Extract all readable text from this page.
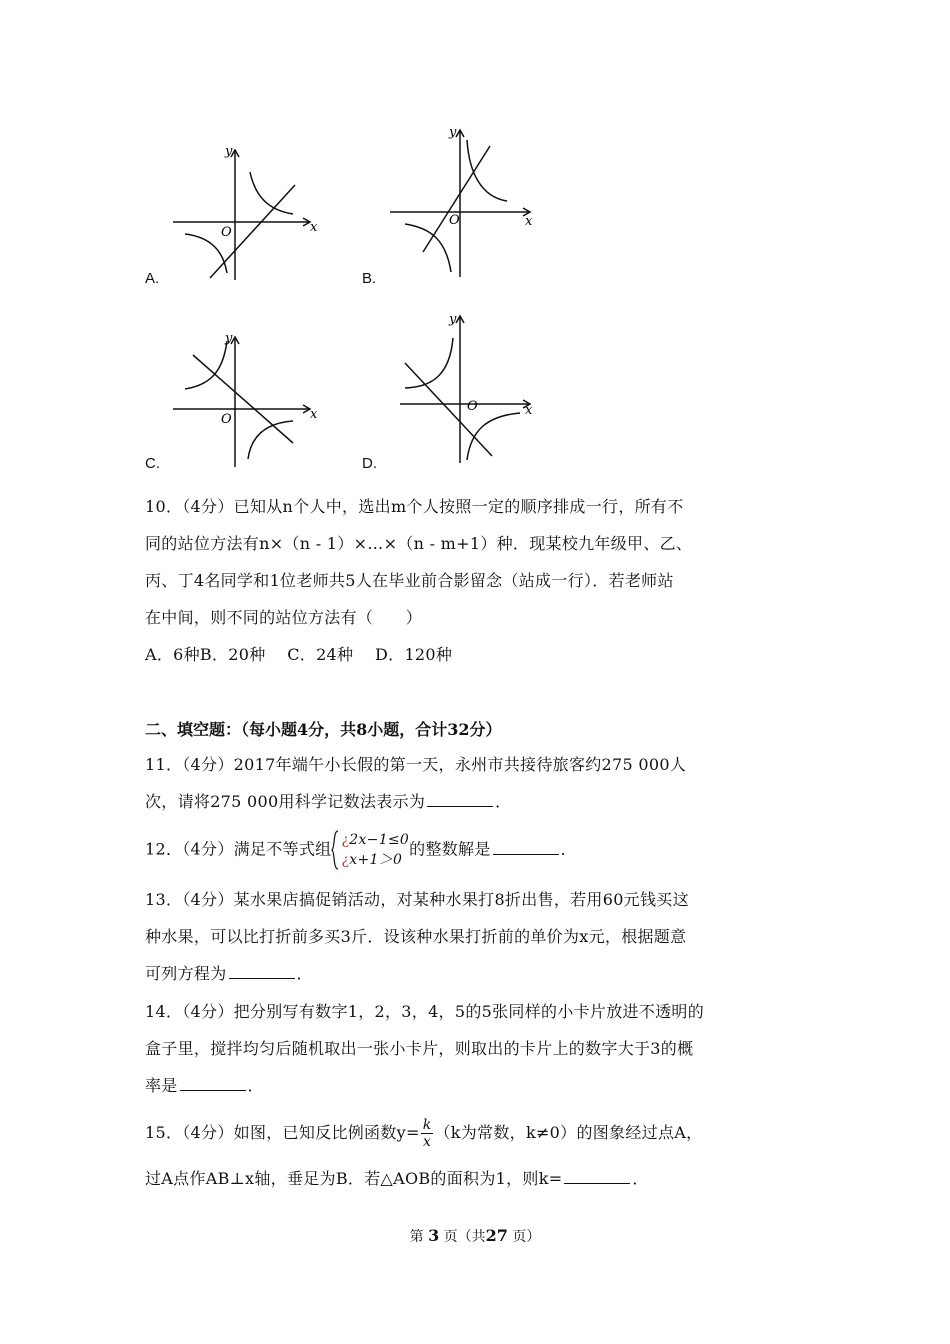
x
y
O
A.
x
y
O
B.
x
y
O
C.
x
y
O
D.
10．（4分）已知从n个人中，选出m个人按照一定的顺序排成一行，所有不
同的站位方法有n×（n - 1）×…×（n - m+1）种．现某校九年级甲、乙、
丙、丁4名同学和1位老师共5人在毕业前合影留念（站成一行）．若老师站
在中间，则不同的站位方法有（　　）
A．6种B．20种　 C．24种　 D．120种
二、填空题：（每小题4分，共8小题，合计32分）
11．（4分）2017年端午小长假的第一天，永州市共接待旅客约275 000人
次，请将275 000用科学记数法表示为	．
12．（4分）满足不等式组 ¿2x−1≤0
¿x+1＞0
的整数解是	．
13．（4分）某水果店搞促销活动，对某种水果打8折出售，若用60元钱买这
种水果，可以比打折前多买3斤．设该种水果打折前的单价为x元，根据题意
可列方程为	．
14．（4分）把分别写有数字1，2，3，4，5的5张同样的小卡片放进不透明的
盒子里，搅拌均匀后随机取出一张小卡片，则取出的卡片上的数字大于3的概
率是	．
15．（4分）如图，已知反比例函数$y= \frac{k}{x} (k$为常数，k≠0）的图象经过点A，
过A点作AB⊥x轴，垂足为B．若△AOB的面积为1，则k=	．
第 3 页（共27 页）
